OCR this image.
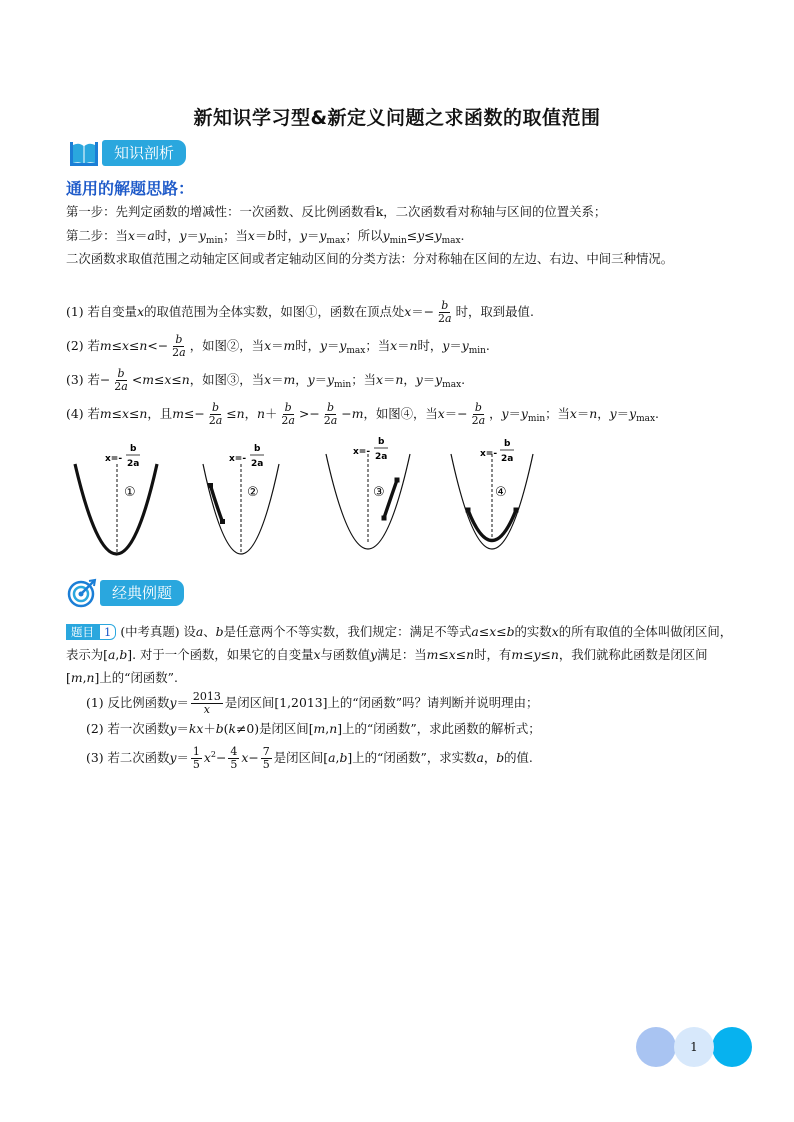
新知识学习型&新定义问题之求函数的取值范围
知识剖析
通用的解题思路：
第一步：先判定函数的增减性：一次函数、反比例函数看k，二次函数看对称轴与区间的位置关系；
第二步：当x＝a时，$y=y_{min}$；当x＝b时，$y=y_{max}$；所以$y_{min}\le y\le y_{max}$.
二次函数求取值范围之动轴定区间或者定轴动区间的分类方法：分对称轴在区间的左边、右边、中间三种情况。
(1) 若自变量x的取值范围为全体实数，如图①，函数在顶点处$x=- \frac{b}{2a}$ 时，取到最值.
(2) 若$m\le x\le n<- \frac{b}{2a}$ ，如图②，当x＝m时，$y=y_{max}$；当x＝n时，$y=y_{min}$.
(3) 若− $\frac{b}{2a} <m\le x\le n$，如图③，当x＝m，$y=y_{min}$；当x＝n，$y=y_{max}$.
(4) 若m≤x≤n，且$m\le- \frac{b}{2a} \le n$，$n+ \frac{b}{2a} >- \frac{b}{2a} -m$，如图④，当$x=- \frac{b}{2a}$ ，$y=y_{min}$；当x＝n，$y=y_{max}$.
x=-
b
2a
①
x=-
b
2a
②
x=-
b
2a
③
x=-
b
2a
④
经典例题
题目 1 (中考真题) 设a、b是任意两个不等实数，我们规定：满足不等式a≤x≤b的实数x的所有取值的全体叫做闭区间，表示为[a,b]. 对于一个函数，如果它的自变量x与函数值y满足：当m≤x≤n时，有m≤y≤n，我们就称此函数是闭区间[m,n]上的“闭函数”.
(1) 反比例函数$y= \frac{2013}{x}$ 是闭区间[1,2013]上的“闭函数”吗？请判断并说明理由；
(2) 若一次函数y＝kx＋b(k≠0)是闭区间[m,n]上的“闭函数”，求此函数的解析式；
(3) 若二次函数$y= \frac{1}{5} x^2- \frac{4}{5} x- \frac{7}{5}$ 是闭区间[a,b]上的“闭函数”，求实数a，b的值.
1
